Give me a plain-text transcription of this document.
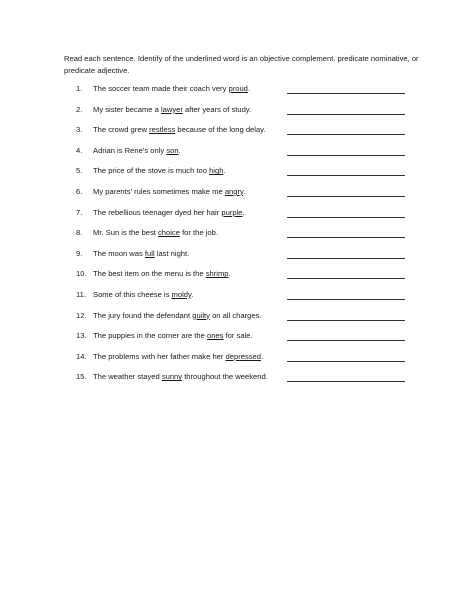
Read each sentence. Identify of the underlined word is an objective complement. predicate nominative, or predicate adjective.
1.	The soccer team made their coach very proud.
2.	My sister became a lawyer after years of study.
3.	The crowd grew restless because of the long delay.
4.	Adrian is Rene’s only son.
5.	The price of the stove is much too high.
6.	My parents’ rules sometimes make me angry.
7.	The rebellious teenager dyed her hair purple.
8.	Mr. Sun is the best choice for the job.
9.	The moon was full last night.
10. The best item on the menu is the shrimp.
11. Some of this cheese is moldy.
12. The jury found the defendant guilty on all charges.
13. The puppies in the corner are the ones for sale.
14. The problems with her father make her depressed.
15. The weather stayed sunny throughout the weekend.
